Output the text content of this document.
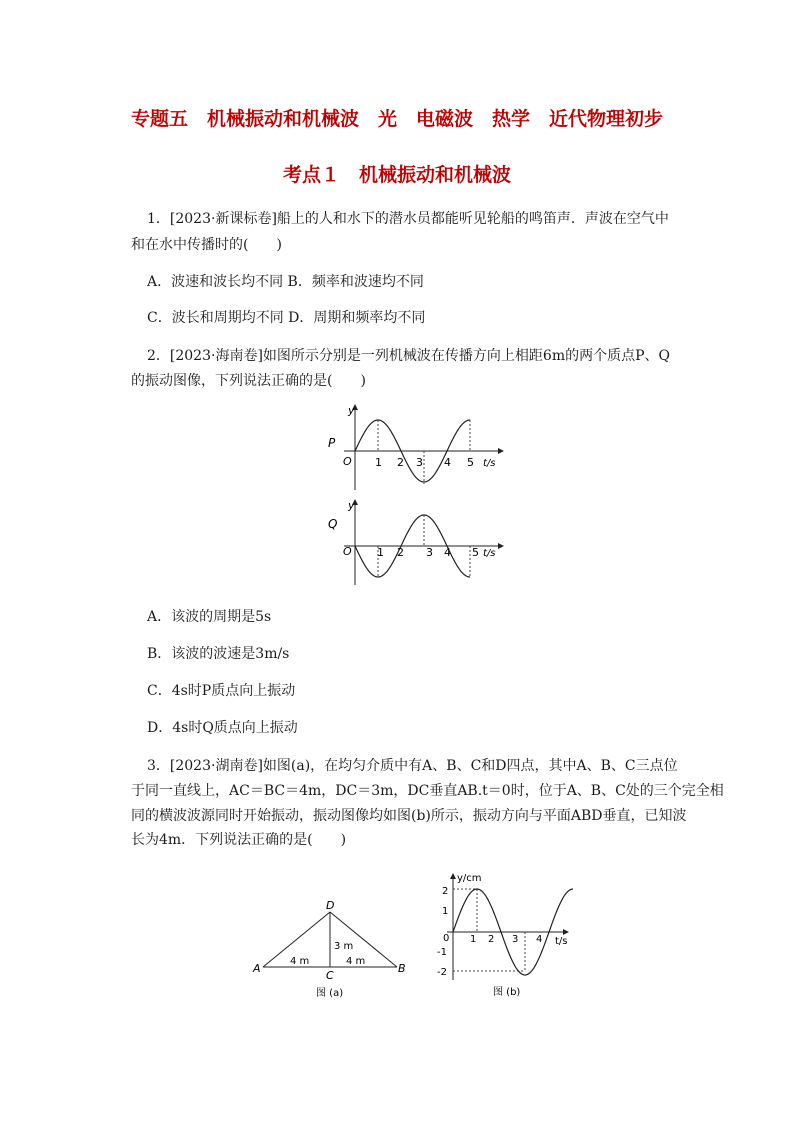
专题五　机械振动和机械波　光　电磁波　热学　近代物理初步
考点１　机械振动和机械波
1．[2023·新课标卷]船上的人和水下的潜水员都能听见轮船的鸣笛声．声波在空气中
和在水中传播时的(　　)
A．波速和波长均不同 B．频率和波速均不同
C．波长和周期均不同 D．周期和频率均不同
2．[2023·海南卷]如图所示分别是一列机械波在传播方向上相距6m的两个质点P、Q
的振动图像，下列说法正确的是(　　)
y
P
O 1 2 3 4 5 t/s
y
Q
O 1 2 3 4 5 t/s
A．该波的周期是5s
B．该波的波速是3m/s
C．4s时P质点向上振动
D．4s时Q质点向上振动
3．[2023·湖南卷]如图(a)，在均匀介质中有A、B、C和D四点，其中A、B、C三点位
于同一直线上，AC＝BC＝4m，DC＝3m，DC垂直AB.t＝0时，位于A、B、C处的三个完全相
同的横波波源同时开始振动，振动图像均如图(b)所示，振动方向与平面ABD垂直，已知波
长为4m．下列说法正确的是(　　)
A	B
C
D
4 m	4 m
3 m
图 (a)
y/cm
t/s
0
2
1
-1
-2
1 2 3 4
图 (b)
